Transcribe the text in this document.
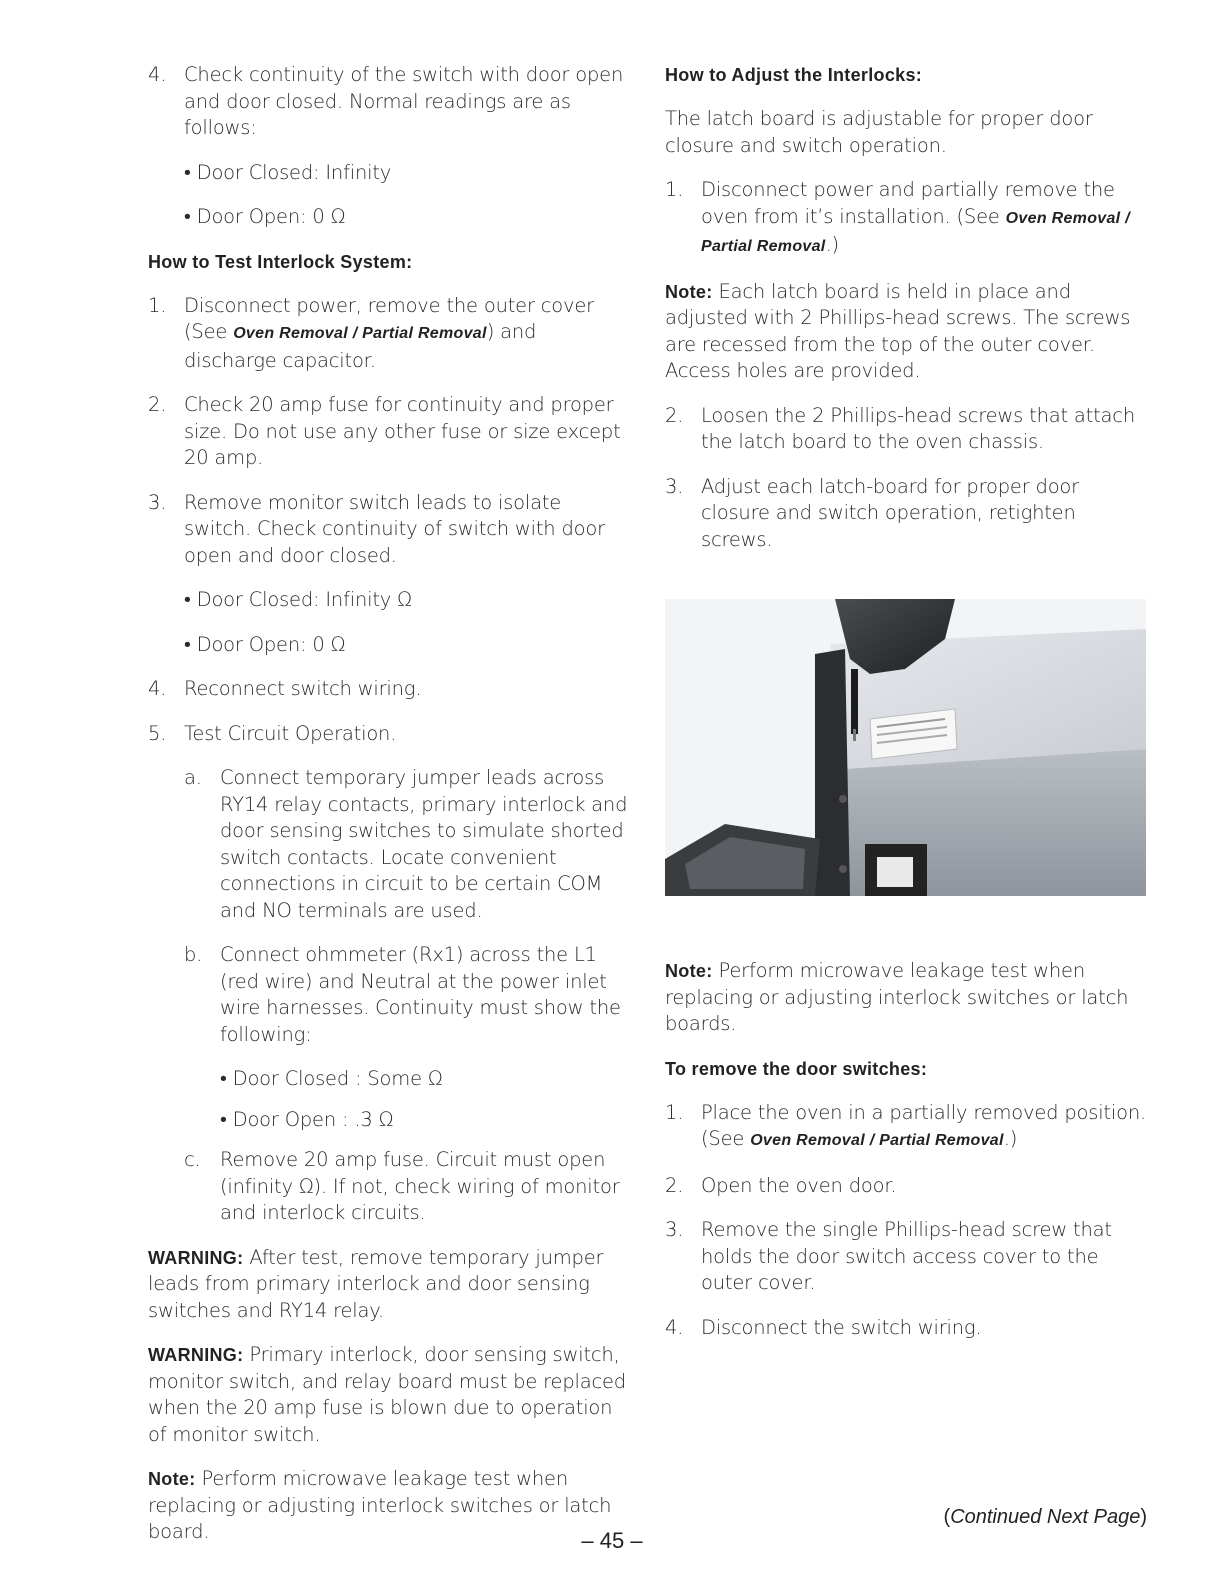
4. Check continuity of the switch with door open and door closed. Normal readings are as follows:
• Door Closed: Infinity
• Door Open: 0 Ω
How to Test Interlock System:
1. Disconnect power, remove the outer cover (See Oven Removal / Partial Removal) and discharge capacitor.
2. Check 20 amp fuse for continuity and proper size. Do not use any other fuse or size except 20 amp.
3. Remove monitor switch leads to isolate switch. Check continuity of switch with door open and door closed.
• Door Closed: Infinity Ω
• Door Open: 0 Ω
4. Reconnect switch wiring.
5. Test Circuit Operation.
a. Connect temporary jumper leads across RY14 relay contacts, primary interlock and door sensing switches to simulate shorted switch contacts. Locate convenient connections in circuit to be certain COM and NO terminals are used.
b. Connect ohmmeter (Rx1) across the L1 (red wire) and Neutral at the power inlet wire harnesses. Continuity must show the following:
• Door Closed : Some Ω
• Door Open : .3 Ω
c. Remove 20 amp fuse. Circuit must open (infinity Ω). If not, check wiring of monitor and interlock circuits.
WARNING: After test, remove temporary jumper leads from primary interlock and door sensing switches and RY14 relay.
WARNING: Primary interlock, door sensing switch, monitor switch, and relay board must be replaced when the 20 amp fuse is blown due to operation of monitor switch.
Note: Perform microwave leakage test when replacing or adjusting interlock switches or latch board.
How to Adjust the Interlocks:
The latch board is adjustable for proper door closure and switch operation.
1. Disconnect power and partially remove the oven from it’s installation. (See Oven Removal / Partial Removal.)
Note: Each latch board is held in place and adjusted with 2 Phillips-head screws. The screws are recessed from the top of the outer cover. Access holes are provided.
2. Loosen the 2 Phillips-head screws that attach the latch board to the oven chassis.
3. Adjust each latch-board for proper door closure and switch operation, retighten screws.
Note: Perform microwave leakage test when replacing or adjusting interlock switches or latch boards.
To remove the door switches:
1. Place the oven in a partially removed position. (See Oven Removal / Partial Removal.)
2. Open the oven door.
3. Remove the single Phillips-head screw that holds the door switch access cover to the outer cover.
4. Disconnect the switch wiring.
(Continued Next Page)
– 45 –
